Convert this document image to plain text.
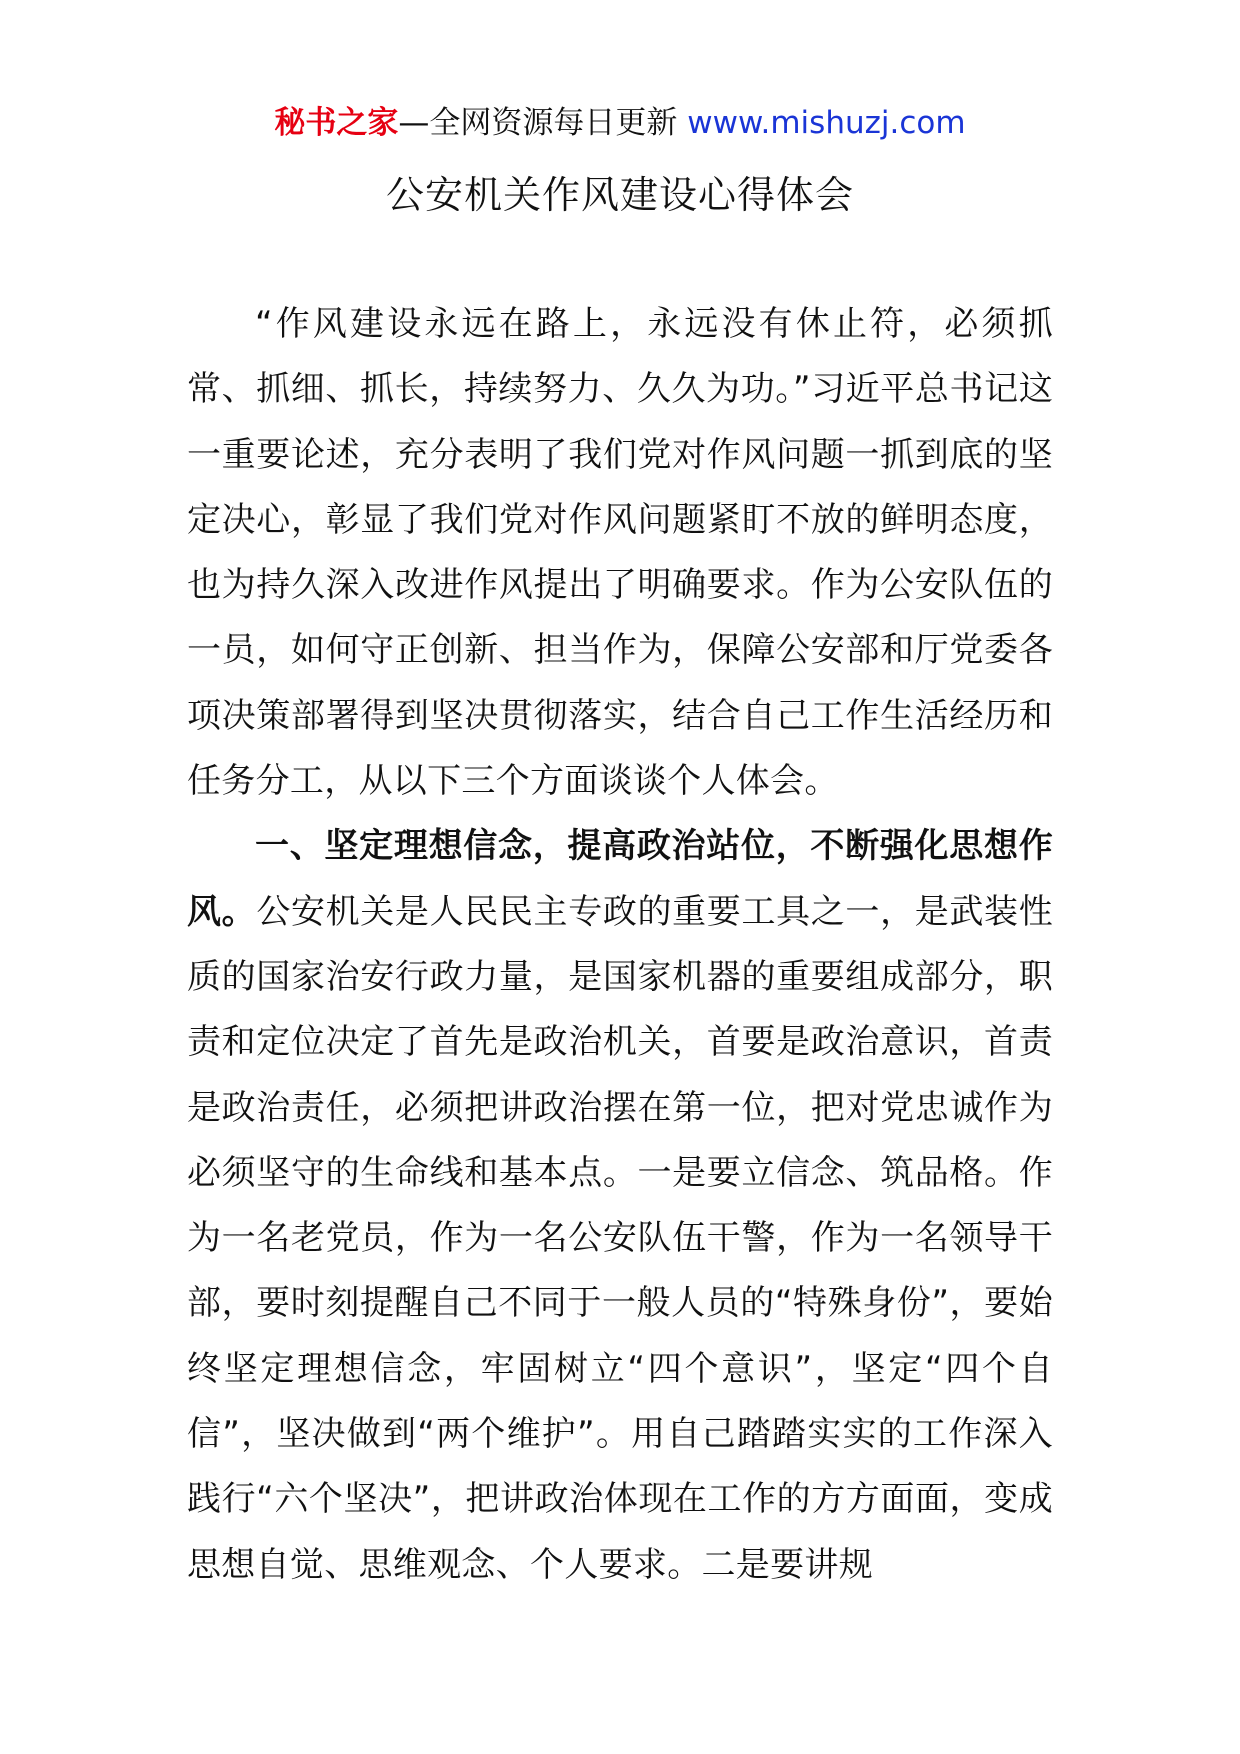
秘书之家—全网资源每日更新 www.mishuzj.com
公安机关作风建设心得体会

“作风建设永远在路上，永远没有休止符，必须抓常、抓细、抓长，持续努力、久久为功。”习近平总书记这一重要论述，充分表明了我们党对作风问题一抓到底的坚定决心，彰显了我们党对作风问题紧盯不放的鲜明态度，也为持久深入改进作风提出了明确要求。作为公安队伍的一员，如何守正创新、担当作为，保障公安部和厅党委各项决策部署得到坚决贯彻落实，结合自己工作生活经历和任务分工，从以下三个方面谈谈个人体会。

一、坚定理想信念，提高政治站位，不断强化思想作风。公安机关是人民民主专政的重要工具之一，是武装性质的国家治安行政力量，是国家机器的重要组成部分，职责和定位决定了首先是政治机关，首要是政治意识，首责是政治责任，必须把讲政治摆在第一位，把对党忠诚作为必须坚守的生命线和基本点。一是要立信念、筑品格。作为一名老党员，作为一名公安队伍干警，作为一名领导干部，要时刻提醒自己不同于一般人员的“特殊身份”，要始终坚定理想信念，牢固树立“四个意识”，坚定“四个自信”，坚决做到“两个维护”。用自己踏踏实实的工作深入践行“六个坚决”，把讲政治体现在工作的方方面面，变成思想自觉、思维观念、个人要求。二是要讲规
